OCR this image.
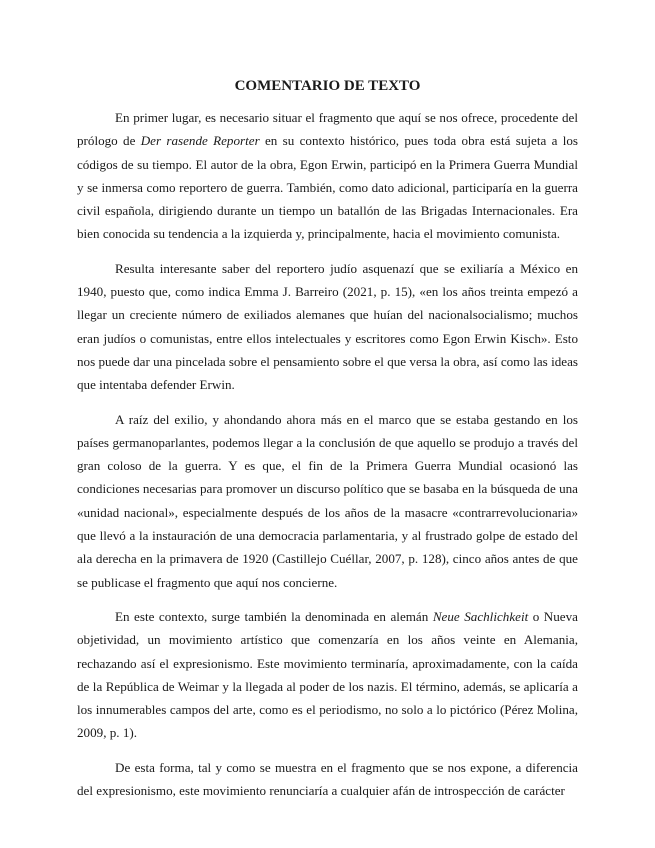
COMENTARIO DE TEXTO

En primer lugar, es necesario situar el fragmento que aquí se nos ofrece, procedente del prólogo de Der rasende Reporter en su contexto histórico, pues toda obra está sujeta a los códigos de su tiempo. El autor de la obra, Egon Erwin, participó en la Primera Guerra Mundial y se inmersa como reportero de guerra. También, como dato adicional, participaría en la guerra civil española, dirigiendo durante un tiempo un batallón de las Brigadas Internacionales. Era bien conocida su tendencia a la izquierda y, principalmente, hacia el movimiento comunista.

Resulta interesante saber del reportero judío asquenazí que se exiliaría a México en 1940, puesto que, como indica Emma J. Barreiro (2021, p. 15), «en los años treinta empezó a llegar un creciente número de exiliados alemanes que huían del nacionalsocialismo; muchos eran judíos o comunistas, entre ellos intelectuales y escritores como Egon Erwin Kisch». Esto nos puede dar una pincelada sobre el pensamiento sobre el que versa la obra, así como las ideas que intentaba defender Erwin.

A raíz del exilio, y ahondando ahora más en el marco que se estaba gestando en los países germanoparlantes, podemos llegar a la conclusión de que aquello se produjo a través del gran coloso de la guerra. Y es que, el fin de la Primera Guerra Mundial ocasionó las condiciones necesarias para promover un discurso político que se basaba en la búsqueda de una «unidad nacional», especialmente después de los años de la masacre «contrarrevolucionaria» que llevó a la instauración de una democracia parlamentaria, y al frustrado golpe de estado del ala derecha en la primavera de 1920 (Castillejo Cuéllar, 2007, p. 128), cinco años antes de que se publicase el fragmento que aquí nos concierne.

En este contexto, surge también la denominada en alemán Neue Sachlichkeit o Nueva objetividad, un movimiento artístico que comenzaría en los años veinte en Alemania, rechazando así el expresionismo. Este movimiento terminaría, aproximadamente, con la caída de la República de Weimar y la llegada al poder de los nazis. El término, además, se aplicaría a los innumerables campos del arte, como es el periodismo, no solo a lo pictórico (Pérez Molina, 2009, p. 1).

De esta forma, tal y como se muestra en el fragmento que se nos expone, a diferencia del expresionismo, este movimiento renunciaría a cualquier afán de introspección de carácter
